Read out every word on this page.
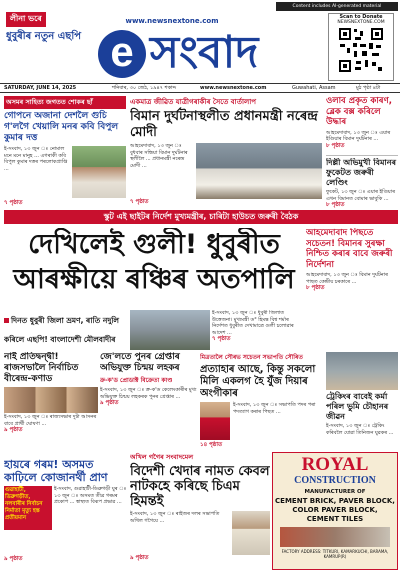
লীনা ভৰে
ধুবুৰীৰ নতুন এছপি
www.newsnextone.com
e সংবাদ
Content includes AI-generated material
Scan to Donate
NEWSNEXTONE.COM
SATURDAY, JUNE 14, 2025	শনিবাৰ, ৩০ জেঠ, ১৯৪৭ শকাব্দ	www.newsnextone.com	Guwahati, Assam	মুঠ পৃষ্ঠা ৪টা
অসমৰ সাহিত্য জগতত শোকৰ ছাঁ
গোপনে অজানা দেশলৈ গুচি গ'লগৈ খেয়ালি মনৰ কবি বিপুল কুমাৰ দত্ত
ই-সংবাদ, ১৩ জুন ঃ নোমাল মনে মনে মানুহ ... এগৰাকী কবি বিপুল কুমাৰ দত্তৰ পৰলোকপ্ৰাপ্তি ...
৭ পৃষ্ঠাত
একমাত্ৰ জীৱিত যাত্ৰীগৰাকীৰ সৈতে বাৰ্তালাপ
বিমান দুৰ্ঘটনাস্থলীত প্ৰধানমন্ত্ৰী নৰেন্দ্ৰ মোদী
আহমেদাবাদ, ১৩ জুন ঃ বুধবাৰ সন্ধিয়া বিমান দুৰ্ঘটনাৰ স্থলীলৈ ... প্ৰধানমন্ত্ৰী নৰেন্দ্ৰ মোদী ...
৭ পৃষ্ঠাত
ওলাব প্ৰকৃত কাৰণ, ব্লেক বক্স কৰিলে উদ্ধাৰ
আহমেদাবাদ, ১৩ জুন ঃ এয়াৰ ইণ্ডিয়াৰ বিমান দুৰ্ঘটনাৰ ...
৮ পৃষ্ঠাত
দিল্লী অভিমুখী বিমানৰ ফুকেটত জৰুৰী লেণ্ডিং
ফুকেট, ১৩ জুন ঃ এয়াৰ ইণ্ডিয়াৰ এখন বিমানত বোমাৰ ভাবুকি ...
৮ পৃষ্ঠাত
স্কুট এই ছাইটৰ নিৰ্দেশ মুখ্যমন্ত্ৰীৰ, চাৰিটা হাউচত জৰুৰী বৈঠক
দেখিলেই গুলী! ধুবুৰীত
আৰক্ষীয়ে ৰঞ্চিৰ অতপালি
দিনত ধুবুৰী জিলা ভ্ৰমণ, ৰাতি নদুলি কৰিলে এছপি! বাংলাদেশী মৌলবাদীৰ
ই-সংবাদ, ১৩ জুন ঃ ধুবুৰী জিলাত উত্তেজনা। মুখ্যমন্ত্ৰী ড° হিমন্ত বিশ্ব শৰ্মাৰ নিৰ্দেশত ধুবুৰীত দেখামাত্ৰে গুলী চলোৱাৰ আদেশ ...
৭ পৃষ্ঠাত
আহমেদাবাদ পিছতে সচেতন! বিমানৰ সুৰক্ষা নিশ্চিত কৰাৰ বাবে জৰুৰী নিৰ্দেশনা
আহমেদাবাদ, ১৩ জুন ঃ বিমান দুৰ্ঘটনাৰ পাছত কেন্দ্ৰীয় চৰকাৰে ...
৮ পৃষ্ঠাত
নাই প্ৰতিদ্বন্দ্বী! ৰাজসভালৈ নিৰ্বাচিত বীৰেন্দ্ৰ-কণাড
ই-সংবাদ, ১৩ জুন ঃ ৰাজ্যসভাৰ দুটা আসনৰ বাবে প্ৰাৰ্থী ঘোষণা ...
৯ পৃষ্ঠাত
জে'লতে পুনৰ গ্ৰেপ্তাৰ অভিযুক্ত চিন্ময় লহকৰ
ক্ৰ-ক'ড প্ৰোডাক্ট বিক্ৰেতা কাণ্ড
ই-সংবাদ, ১৩ জুন ঃ ক্ৰ-ক'ড কেলেংকাৰীৰ মুখ্য অভিযুক্ত চিন্ময় লহকৰক পুনৰ গ্ৰেপ্তাৰ ...
৯ পৃষ্ঠাত
মিত্ৰতালৈ সৌৰভ সচেতন সভাপতি সৌৰিত
প্ৰত্যাহাৰ আছে, কিন্তু সকলো মিলি একলগ হৈ যুঁজ দিয়াৰ অংগীকাৰ
ই-সংবাদ, ১৩ জুন ঃ সভাপতি পদৰ পৰা পদত্যাগ কৰাৰ পিছত ...
১৪ পৃষ্ঠাত
ট্ৰেকিংৰ বাবেই কৰ্মা পৰিল ভুমি চৌহানৰ জীৱন
ই-সংবাদ, ১৩ জুন ঃ ট্ৰেকিং কৰিবলৈ যোৱা তিনিজন যুৱকৰ ...
অখিল গগৈৰ সংবাদমেল
বিদেশী খেদাৰ নামত কেবল নাটকহে কৰিছে চিএম হিমন্তই
ই-সংবাদ, ১৩ জুন ঃ ৰাইজৰ দলৰ সভাপতি অখিল গগৈয়ে ...
৯ পৃষ্ঠাত
হায়ৰে গৰম! অসমত কাঢ়িলে কোজানৰ্থী প্ৰাণ
গুৱাহাটী, ডিব্ৰুগড়ীত, নলবাৰীৰ নিৰ্বাচন নিৰ্মাতা মৃত্যু হস্ত প্ৰতীয়মান
ই-সংবাদ, গুৱাহাটী-ডিব্ৰুগড়ী যুৰ ঃ ১৩ জুন ঃ অসমত তীব্ৰ গৰমৰ প্ৰকোপ ... স্বাস্থ্যত বিৰূপ প্ৰভাৱ ...
৯ পৃষ্ঠাত
ROYAL
CONSTRUCTION
MANUFACTURER OF
CEMENT BRICK, PAVER BLOCK,
COLOR PAVER BLOCK,
CEMENT TILES
FACTORY ADDRESS: TITKURI, KAMARKUCHI, BARAMA, KAMRUP(R)
